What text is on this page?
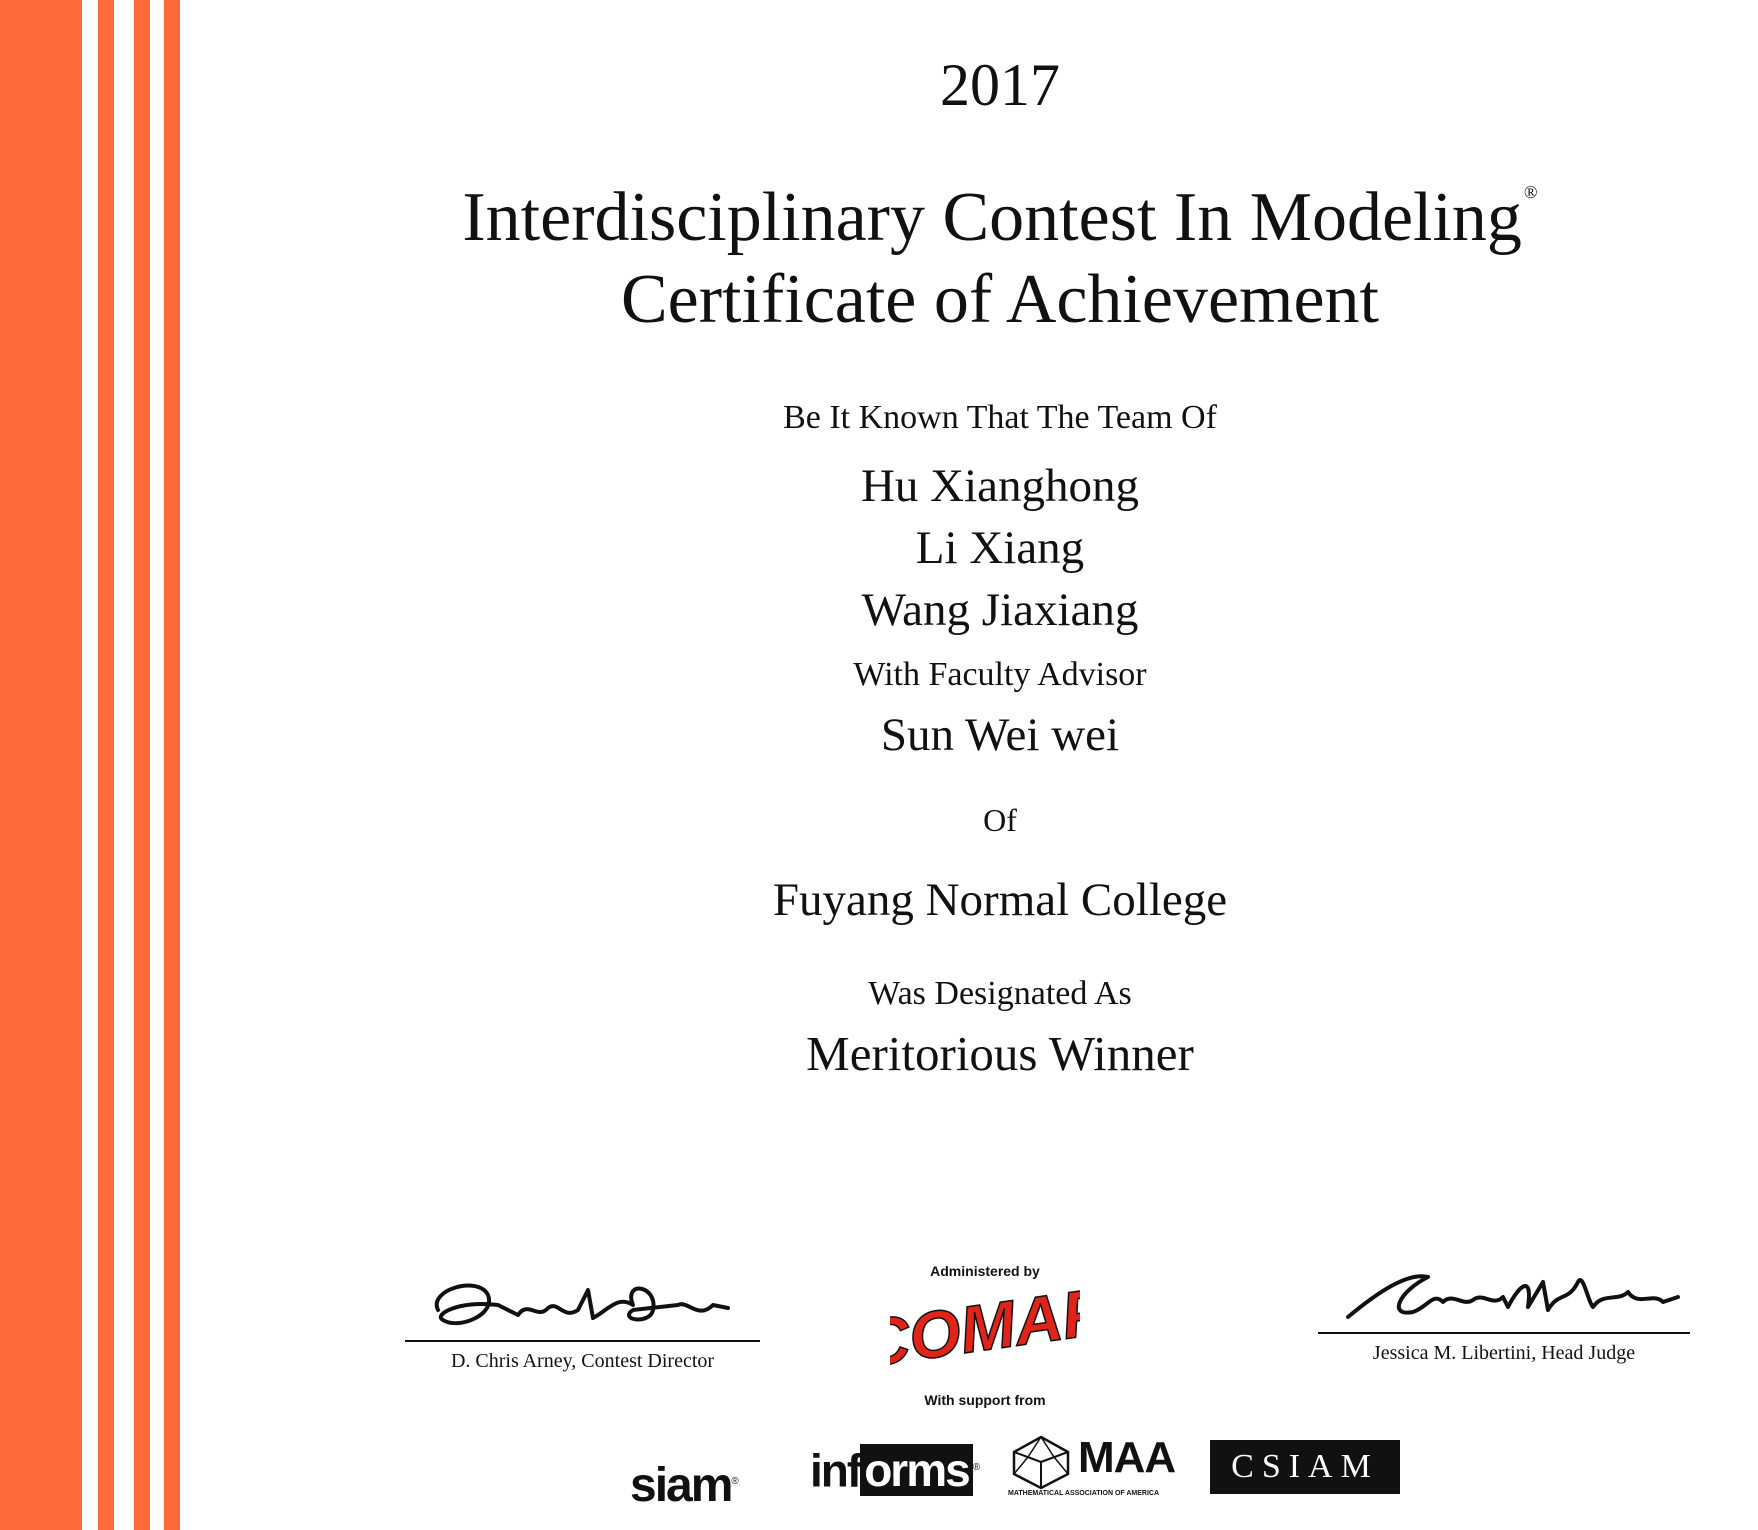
2017
Interdisciplinary Contest In Modeling ®
Certificate of Achievement
Be It Known That The Team Of
Hu Xianghong
Li Xiang
Wang Jiaxiang
With Faculty Advisor
Sun Wei wei
Of
Fuyang Normal College
Was Designated As
Meritorious Winner
D. Chris Arney, Contest Director
Administered by
COMAP
With support from
Jessica M. Libertini, Head Judge
siam® informs ® MAA
MATHEMATICAL ASSOCIATION OF AMERICA
CSIAM
